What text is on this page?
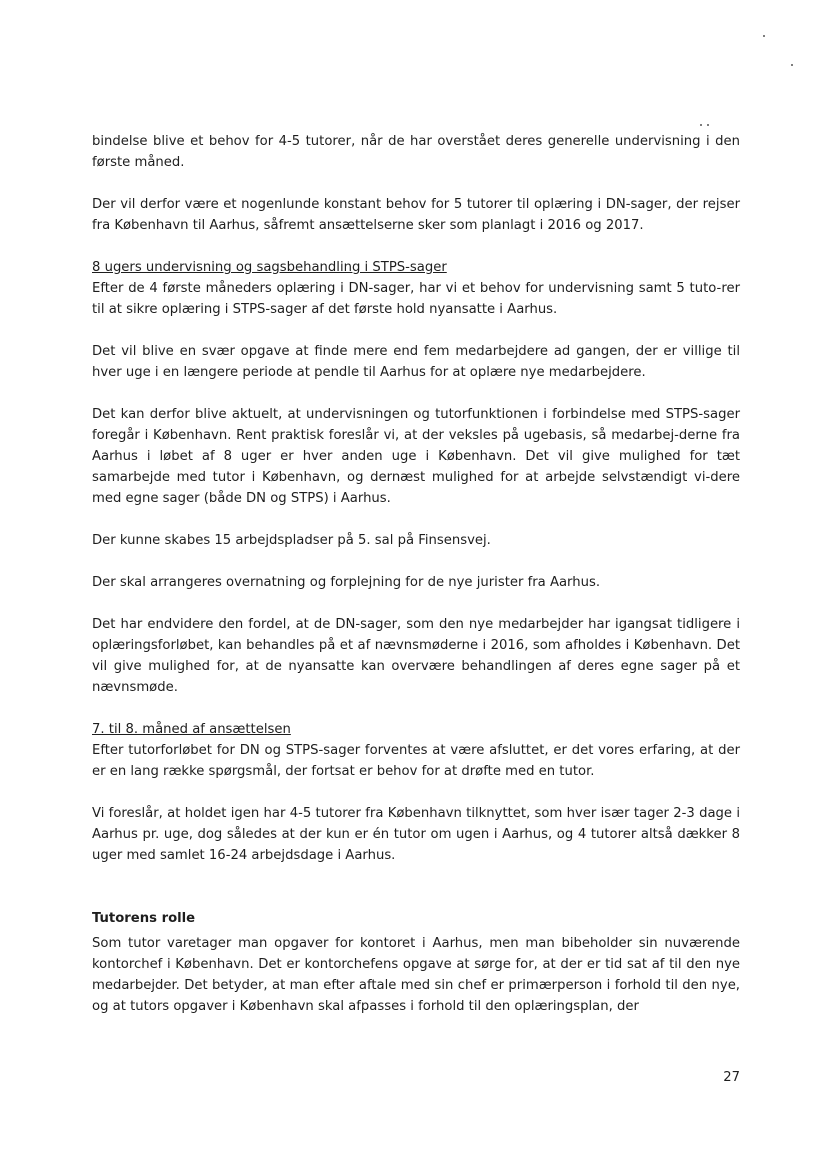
bindelse blive et behov for 4-5 tutorer, når de har overstået deres generelle undervisning i den første måned.

Der vil derfor være et nogenlunde konstant behov for 5 tutorer til oplæring i DN-sager, der rejser fra København til Aarhus, såfremt ansættelserne sker som planlagt i 2016 og 2017.

8 ugers undervisning og sagsbehandling i STPS-sager

Efter de 4 første måneders oplæring i DN-sager, har vi et behov for undervisning samt 5 tuto-rer til at sikre oplæring i STPS-sager af det første hold nyansatte i Aarhus.

Det vil blive en svær opgave at finde mere end fem medarbejdere ad gangen, der er villige til hver uge i en længere periode at pendle til Aarhus for at oplære nye medarbejdere.

Det kan derfor blive aktuelt, at undervisningen og tutorfunktionen i forbindelse med STPS-sager foregår i København. Rent praktisk foreslår vi, at der veksles på ugebasis, så medarbej-derne fra Aarhus i løbet af 8 uger er hver anden uge i København. Det vil give mulighed for tæt samarbejde med tutor i København, og dernæst mulighed for at arbejde selvstændigt vi-dere med egne sager (både DN og STPS) i Aarhus.

Der kunne skabes 15 arbejdspladser på 5. sal på Finsensvej.

Der skal arrangeres overnatning og forplejning for de nye jurister fra Aarhus.

Det har endvidere den fordel, at de DN-sager, som den nye medarbejder har igangsat tidligere i oplæringsforløbet, kan behandles på et af nævnsmøderne i 2016, som afholdes i København. Det vil give mulighed for, at de nyansatte kan overvære behandlingen af deres egne sager på et nævnsmøde.

7. til 8. måned af ansættelsen

Efter tutorforløbet for DN og STPS-sager forventes at være afsluttet, er det vores erfaring, at der er en lang række spørgsmål, der fortsat er behov for at drøfte med en tutor.

Vi foreslår, at holdet igen har 4-5 tutorer fra København tilknyttet, som hver især tager 2-3 dage i Aarhus pr. uge, dog således at der kun er én tutor om ugen i Aarhus, og 4 tutorer altså dækker 8 uger med samlet 16-24 arbejdsdage i Aarhus.

Tutorens rolle

Som tutor varetager man opgaver for kontoret i Aarhus, men man bibeholder sin nuværende kontorchef i København. Det er kontorchefens opgave at sørge for, at der er tid sat af til den nye medarbejder. Det betyder, at man efter aftale med sin chef er primærperson i forhold til den nye, og at tutors opgaver i København skal afpasses i forhold til den oplæringsplan, der

27
